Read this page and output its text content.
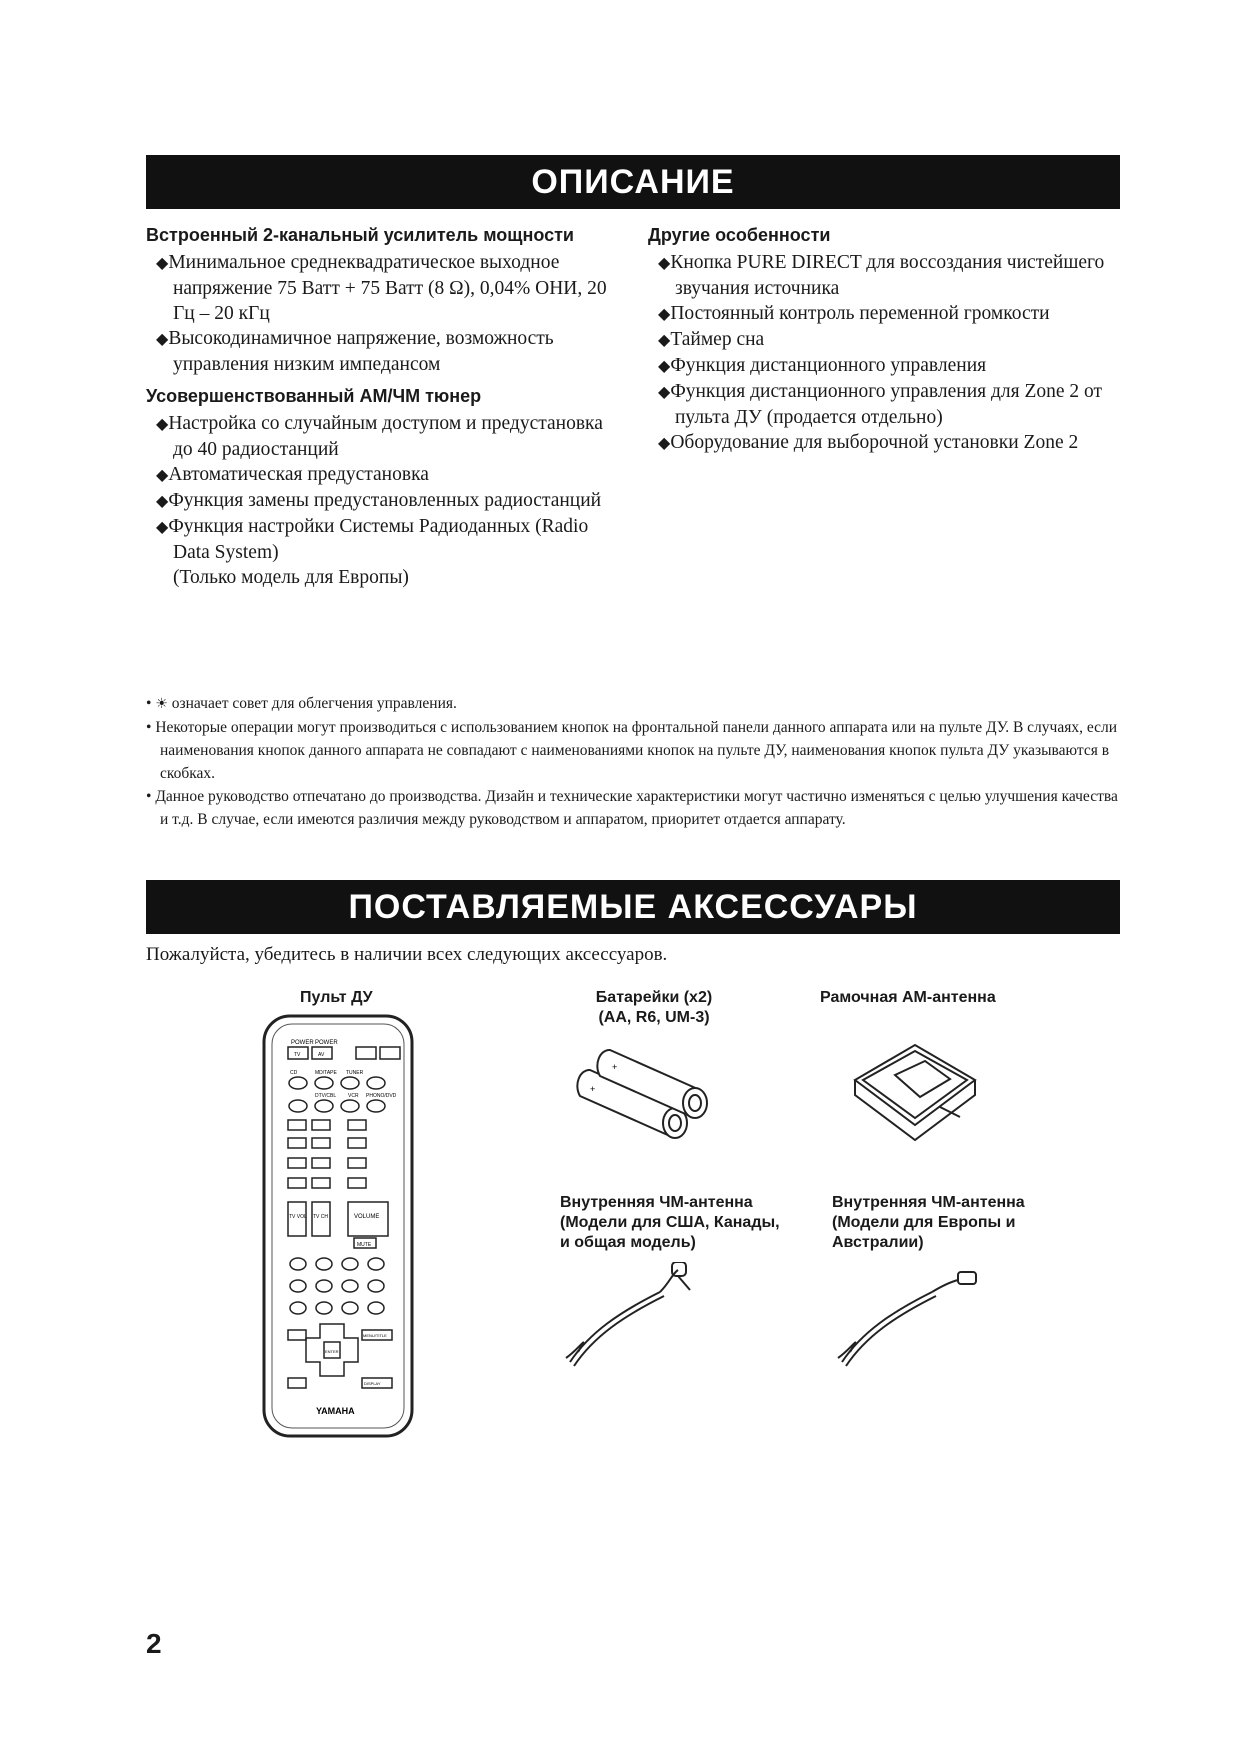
ОПИСАНИЕ
Встроенный 2-канальный усилитель мощности
◆Минимальное среднеквадратическое выходное напряжение 75 Ватт + 75 Ватт (8 Ω), 0,04% ОНИ, 20 Гц – 20 кГц
◆Высокодинамичное напряжение, возможность управления низким импедансом
Усовершенствованный АМ/ЧМ тюнер
◆Настройка со случайным доступом и предустановка до 40 радиостанций
◆Автоматическая предустановка
◆Функция замены предустановленных радиостанций
◆Функция настройки Системы Радиоданных (Radio Data System)
(Только модель для Европы)
Другие особенности
◆Кнопка PURE DIRECT для воссоздания чистейшего звучания источника
◆Постоянный контроль переменной громкости
◆Таймер сна
◆Функция дистанционного управления
◆Функция дистанционного управления для Zone 2 от пульта ДУ (продается отдельно)
◆Оборудование для выборочной установки Zone 2
• ☀ означает совет для облегчения управления.
• Некоторые операции могут производиться с использованием кнопок на фронтальной панели данного аппарата или на пульте ДУ. В случаях, если наименования кнопок данного аппарата не совпадают с наименованиями кнопок на пульте ДУ, наименования кнопок пульта ДУ указываются в скобках.
• Данное руководство отпечатано до производства. Дизайн и технические характеристики могут частично изменяться с целью улучшения качества и т.д. В случае, если имеются различия между руководством и аппаратом, приоритет отдается аппарату.
ПОСТАВЛЯЕМЫЕ АКСЕССУАРЫ
Пожалуйста, убедитесь в наличии всех следующих аксессуаров.
Пульт ДУ	Батарейки (x2)
(AA, R6, UM-3)
Рамочная AM-антенна
Внутренняя ЧМ-антенна
(Модели для США, Канады,
и общая модель)
Внутренняя ЧМ-антенна
(Модели для Европы и
Австралии)
POWER POWER
TV	AV
CD	MD/TAPE TUNER
DTV/CBL VCR PHONO/DVD
TV VOL TV CH	VOLUME
MUTE
ENTER
MENU/TITLE
DISPLAY
YAMAHA
+
+
2
